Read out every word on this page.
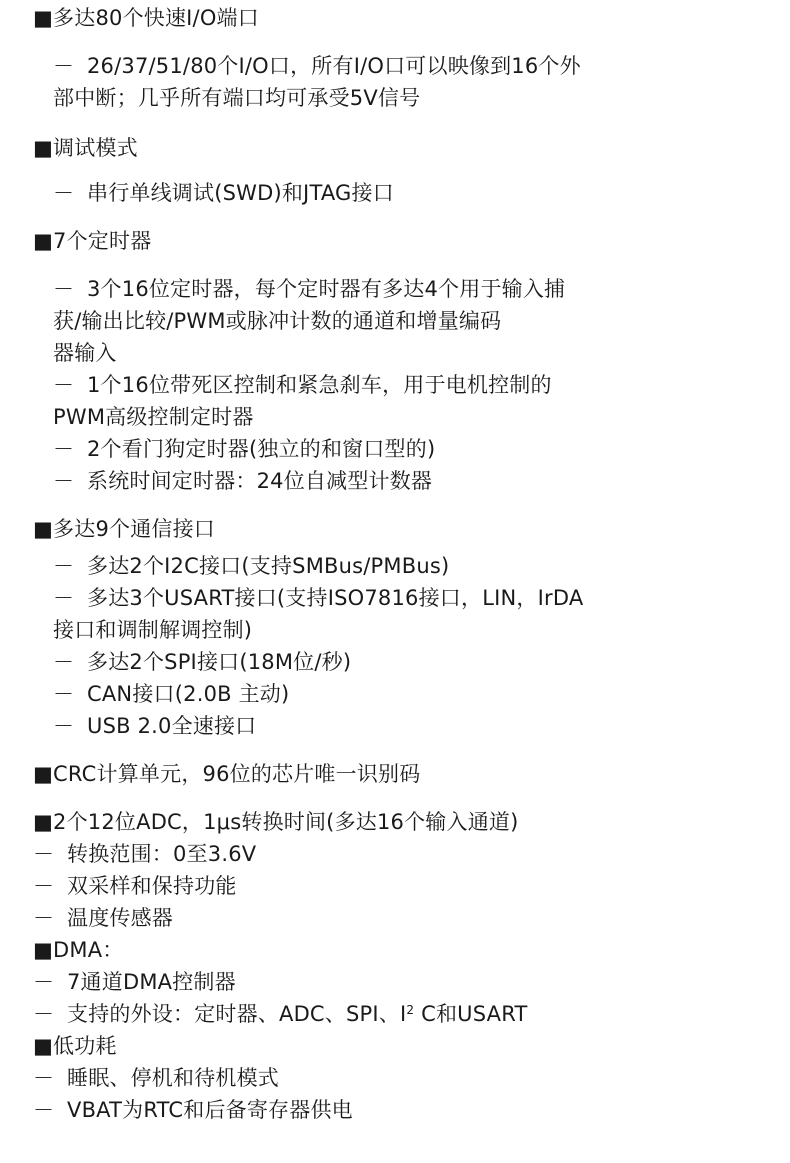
■多达80个快速I/O端口
－ 26/37/51/80个I/O口，所有I/O口可以映像到16个外
部中断；几乎所有端口均可承受5V信号
■调试模式
－ 串行单线调试(SWD)和JTAG接口
■7个定时器
－ 3个16位定时器，每个定时器有多达4个用于输入捕
获/输出比较/PWM或脉冲计数的通道和增量编码
器输入
－ 1个16位带死区控制和紧急刹车，用于电机控制的
PWM高级控制定时器
－ 2个看门狗定时器(独立的和窗口型的)
－ 系统时间定时器：24位自减型计数器
■多达9个通信接口
－ 多达2个I2C接口(支持SMBus/PMBus)
－ 多达3个USART接口(支持ISO7816接口，LIN，IrDA
接口和调制解调控制)
－ 多达2个SPI接口(18M位/秒)
－ CAN接口(2.0B 主动)
－ USB 2.0全速接口
■CRC计算单元，96位的芯片唯一识别码
■2个12位ADC，1μs转换时间(多达16个输入通道)
－ 转换范围：0至3.6V
－ 双采样和保持功能
－ 温度传感器
■DMA：
－ 7通道DMA控制器
－ 支持的外设：定时器、ADC、SPI、$I^2$ C和USART
■低功耗
－ 睡眠、停机和待机模式
－ VBAT为RTC和后备寄存器供电
